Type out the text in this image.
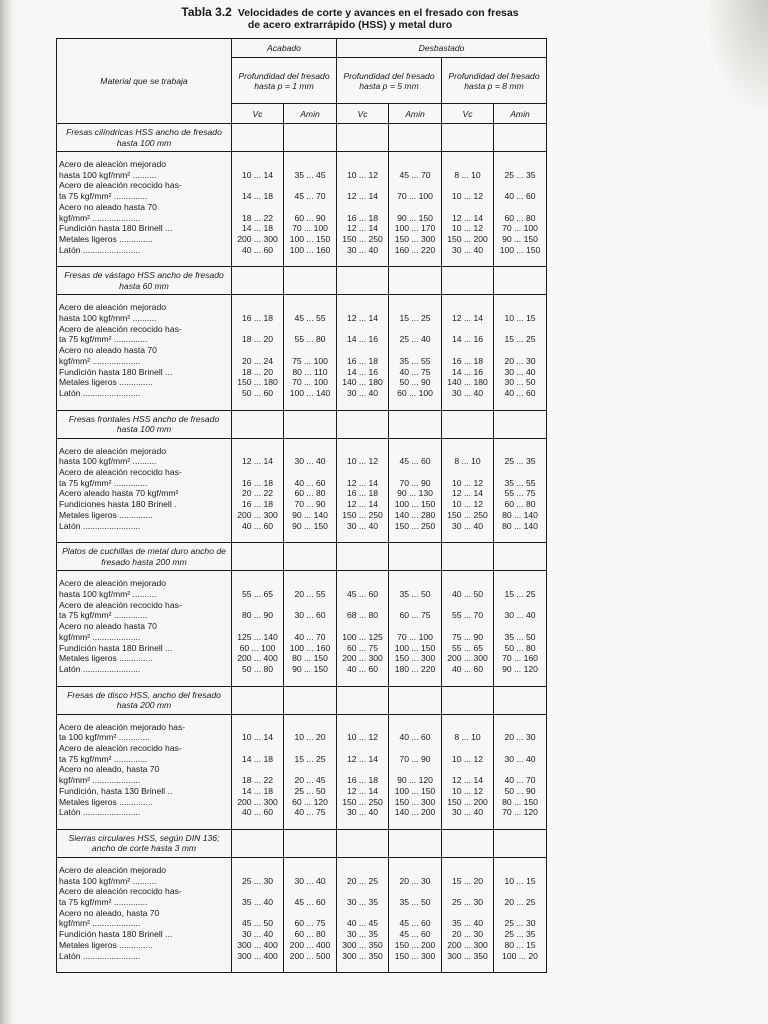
Tabla 3.2 Velocidades de corte y avances en el fresado con fresas
de acero extrarrápido (HSS) y metal duro
Material que se trabaja	Acabado		Desbastado			
	Profundidad del fresado hasta p = 1 mm		Profundidad del fresado hasta p = 5 mm		Profundidad del fresado hasta p = 8 mm	
	Vc	Amin	Vc	Amin	Vc	Amin
Fresas cilíndricas HSS ancho de fresado hasta 100 mm						

Acero de aleación mejorado						
hasta 100 kgf/mm² ..........	10 ... 14	35 ... 45	10 ... 12	45 ... 70	8 ... 10	25 ... 35
Acero de aleación recocido has-						
ta 75 kgf/mm² ..............	14 ... 18	45 ... 70	12 ... 14	70 ... 100	10 ... 12	40 ... 60
Acero no aleado hasta 70						
kgf/mm² ....................	18 ... 22	60 ... 90	16 ... 18	90 ... 150	12 ... 14	60 ... 80
Fundición hasta 180 Brinell ...	14 ... 18	70 ... 100	12 ... 14	100 ... 170	10 ... 12	70 ... 100
Metales ligeros ..............	200 ... 300	100 ... 150	150 ... 250	150 ... 300	150 ... 200	90 ... 150
Latón ........................	40 ... 60	100 ... 160	30 ... 40	160 ... 220	30 ... 40	100 ... 150

Fresas de vástago HSS ancho de fresado hasta 60 mm						

Acero de aleación mejorado						
hasta 100 kgf/mm² ..........	16 ... 18	45 ... 55	12 ... 14	15 ... 25	12 ... 14	10 ... 15
Acero de aleación recocido has-						
ta 75 kgf/mm² ..............	18 ... 20	55 ... 80	14 ... 16	25 ... 40	14 ... 16	15 ... 25
Acero no aleado hasta 70						
kgf/mm² ....................	20 ... 24	75 ... 100	16 ... 18	35 ... 55	16 ... 18	20 ... 30
Fundición hasta 180 Brinell ...	18 ... 20	80 ... 110	14 ... 16	40 ... 75	14 ... 16	30 ... 40
Metales ligeros ..............	150 ... 180	70 ... 100	140 ... 180	50 ... 90	140 ... 180	30 ... 50
Latón ........................	50 ... 60	100 ... 140	30 ... 40	60 ... 100	30 ... 40	40 ... 60

Fresas frontales HSS ancho de fresado hasta 100 mm						

Acero de aleación mejorado						
hasta 100 kgf/mm² ..........	12 ... 14	30 ... 40	10 ... 12	45 ... 60	8 ... 10	25 ... 35
Acero de aleación recocido has-						
ta 75 kgf/mm² ..............	16 ... 18	40 ... 60	12 ... 14	70 ... 90	10 ... 12	35 ... 55
Acero aleado hasta 70 kgf/mm²	20 ... 22	60 ... 80	16 ... 18	90 ... 130	12 ... 14	55 ... 75
Fundiciones hasta 180 Brinell .	16 ... 18	70 ... 90	12 ... 14	100 ... 150	10 ... 12	60 ... 80
Metales ligeros ..............	200 ... 300	90 ... 140	150 ... 250	140 ... 280	150 ... 250	80 ... 140
Latón ........................	40 ... 60	90 ... 150	30 ... 40	150 ... 250	30 ... 40	80 ... 140

Platos de cuchillas de metal duro ancho de fresado hasta 200 mm						

Acero de aleación mejorado						
hasta 100 kgf/mm² ..........	55 ... 65	20 ... 55	45 ... 60	35 ... 50	40 ... 50	15 ... 25
Acero de aleación recocido has-						
ta 75 kgf/mm² ..............	80 ... 90	30 ... 60	68 ... 80	60 ... 75	55 ... 70	30 ... 40
Acero no aleado hasta 70						
kgf/mm² ....................	125 ... 140	40 ... 70	100 ... 125	70 ... 100	75 ... 90	35 ... 50
Fundición hasta 180 Brinell ...	60 ... 100	100 ... 160	60 ... 75	100 ... 150	55 ... 65	50 ... 80
Metales ligeros ..............	200 ... 400	80 ... 150	200 ... 300	150 ... 300	200 ... 300	70 ... 160
Latón ........................	50 ... 80	90 ... 150	40 ... 60	180 ... 220	40 ... 60	90 ... 120

Fresas de disco HSS, ancho del fresado hasta 200 mm						

Acero de aleación mejorado has-						
ta 100 kgf/mm² .............	10 ... 14	10 ... 20	10 ... 12	40 ... 60	8 ... 10	20 ... 30
Acero de aleación recocido has-						
ta 75 kgf/mm² ..............	14 ... 18	15 ... 25	12 ... 14	70 ... 90	10 ... 12	30 ... 40
Acero no aleado, hasta 70						
kgf/mm² ....................	18 ... 22	20 ... 45	16 ... 18	90 ... 120	12 ... 14	40 ... 70
Fundición, hasta 130 Brinell ..	14 ... 18	25 ... 50	12 ... 14	100 ... 150	10 ... 12	50 ... 90
Metales ligeros ..............	200 ... 300	60 ... 120	150 ... 250	150 ... 300	150 ... 200	80 ... 150
Latón ........................	40 ... 60	40 ... 75	30 ... 40	140 ... 200	30 ... 40	70 ... 120

Sierras circulares HSS, según DIN 136; ancho de corte hasta 3 mm						

Acero de aleación mejorado						
hasta 100 kgf/mm² ..........	25 ... 30	30 ... 40	20 ... 25	20 ... 30	15 ... 20	10 ... 15
Acero de aleación recocido has-						
ta 75 kgf/mm² ..............	35 ... 40	45 ... 60	30 ... 35	35 ... 50	25 ... 30	20 ... 25
Acero no aleado, hasta 70						
kgf/mm² ....................	45 ... 50	60 ... 75	40 ... 45	45 ... 60	35 ... 40	25 ... 30
Fundición hasta 180 Brinell ...	30 ... 40	60 ... 80	30 ... 35	45 ... 60	20 ... 30	25 ... 35
Metales ligeros ..............	300 ... 400	200 ... 400	300 ... 350	150 ... 200	200 ... 300	80 ... 15
Latón ........................	300 ... 400	200 ... 500	300 ... 350	150 ... 300	300 ... 350	100 ... 20
